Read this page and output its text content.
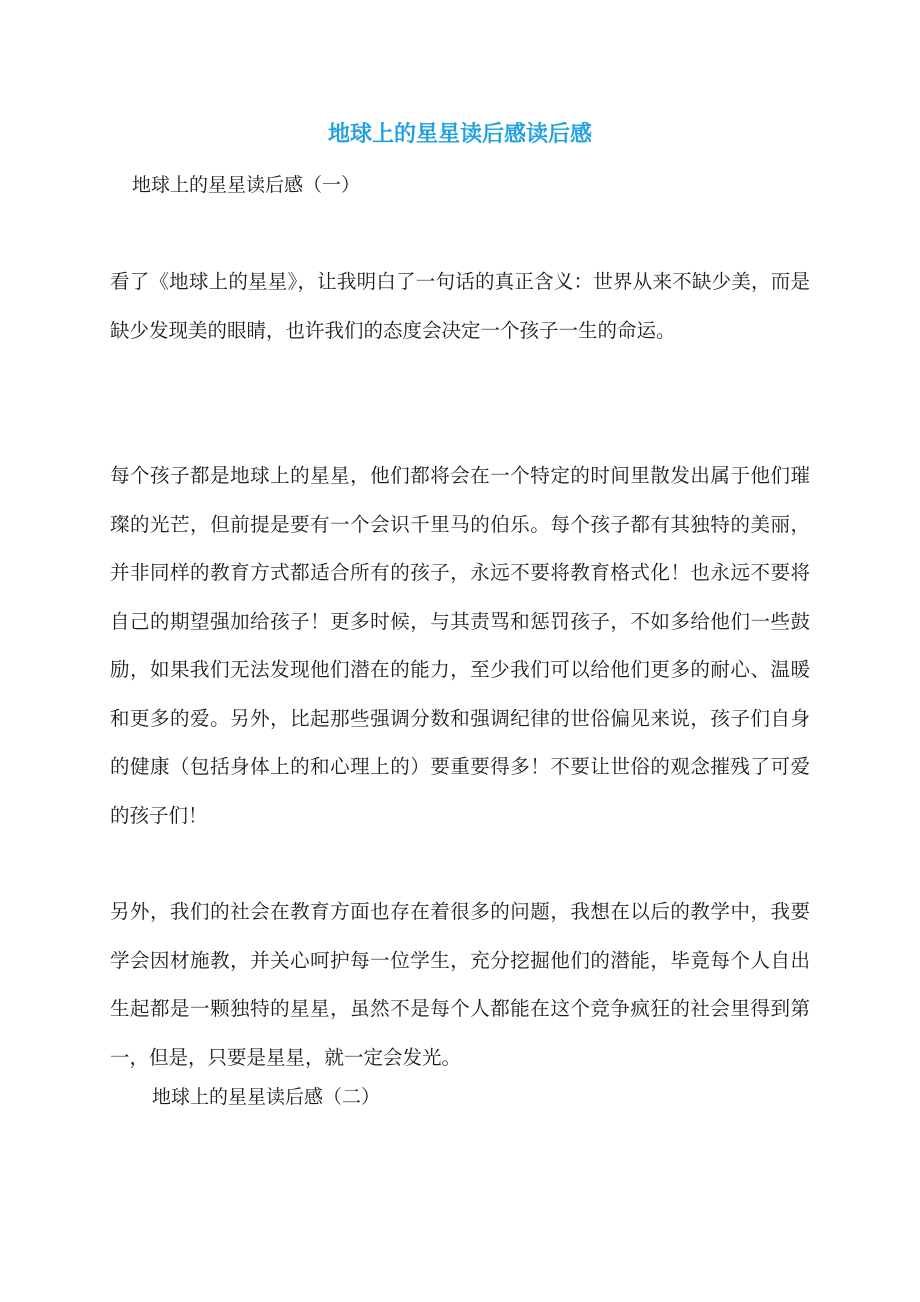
地球上的星星读后感读后感

地球上的星星读后感（一）

看了《地球上的星星》，让我明白了一句话的真正含义：世界从来不缺少美，而是缺少发现美的眼睛，也许我们的态度会决定一个孩子一生的命运。

每个孩子都是地球上的星星，他们都将会在一个特定的时间里散发出属于他们璀璨的光芒，但前提是要有一个会识千里马的伯乐。每个孩子都有其独特的美丽，并非同样的教育方式都适合所有的孩子，永远不要将教育格式化！也永远不要将自己的期望强加给孩子！更多时候，与其责骂和惩罚孩子，不如多给他们一些鼓励，如果我们无法发现他们潜在的能力，至少我们可以给他们更多的耐心、温暖和更多的爱。另外，比起那些强调分数和强调纪律的世俗偏见来说，孩子们自身的健康（包括身体上的和心理上的）要重要得多！不要让世俗的观念摧残了可爱的孩子们！

另外，我们的社会在教育方面也存在着很多的问题，我想在以后的教学中，我要学会因材施教，并关心呵护每一位学生，充分挖掘他们的潜能，毕竟每个人自出生起都是一颗独特的星星，虽然不是每个人都能在这个竞争疯狂的社会里得到第一，但是，只要是星星，就一定会发光。

地球上的星星读后感（二）
